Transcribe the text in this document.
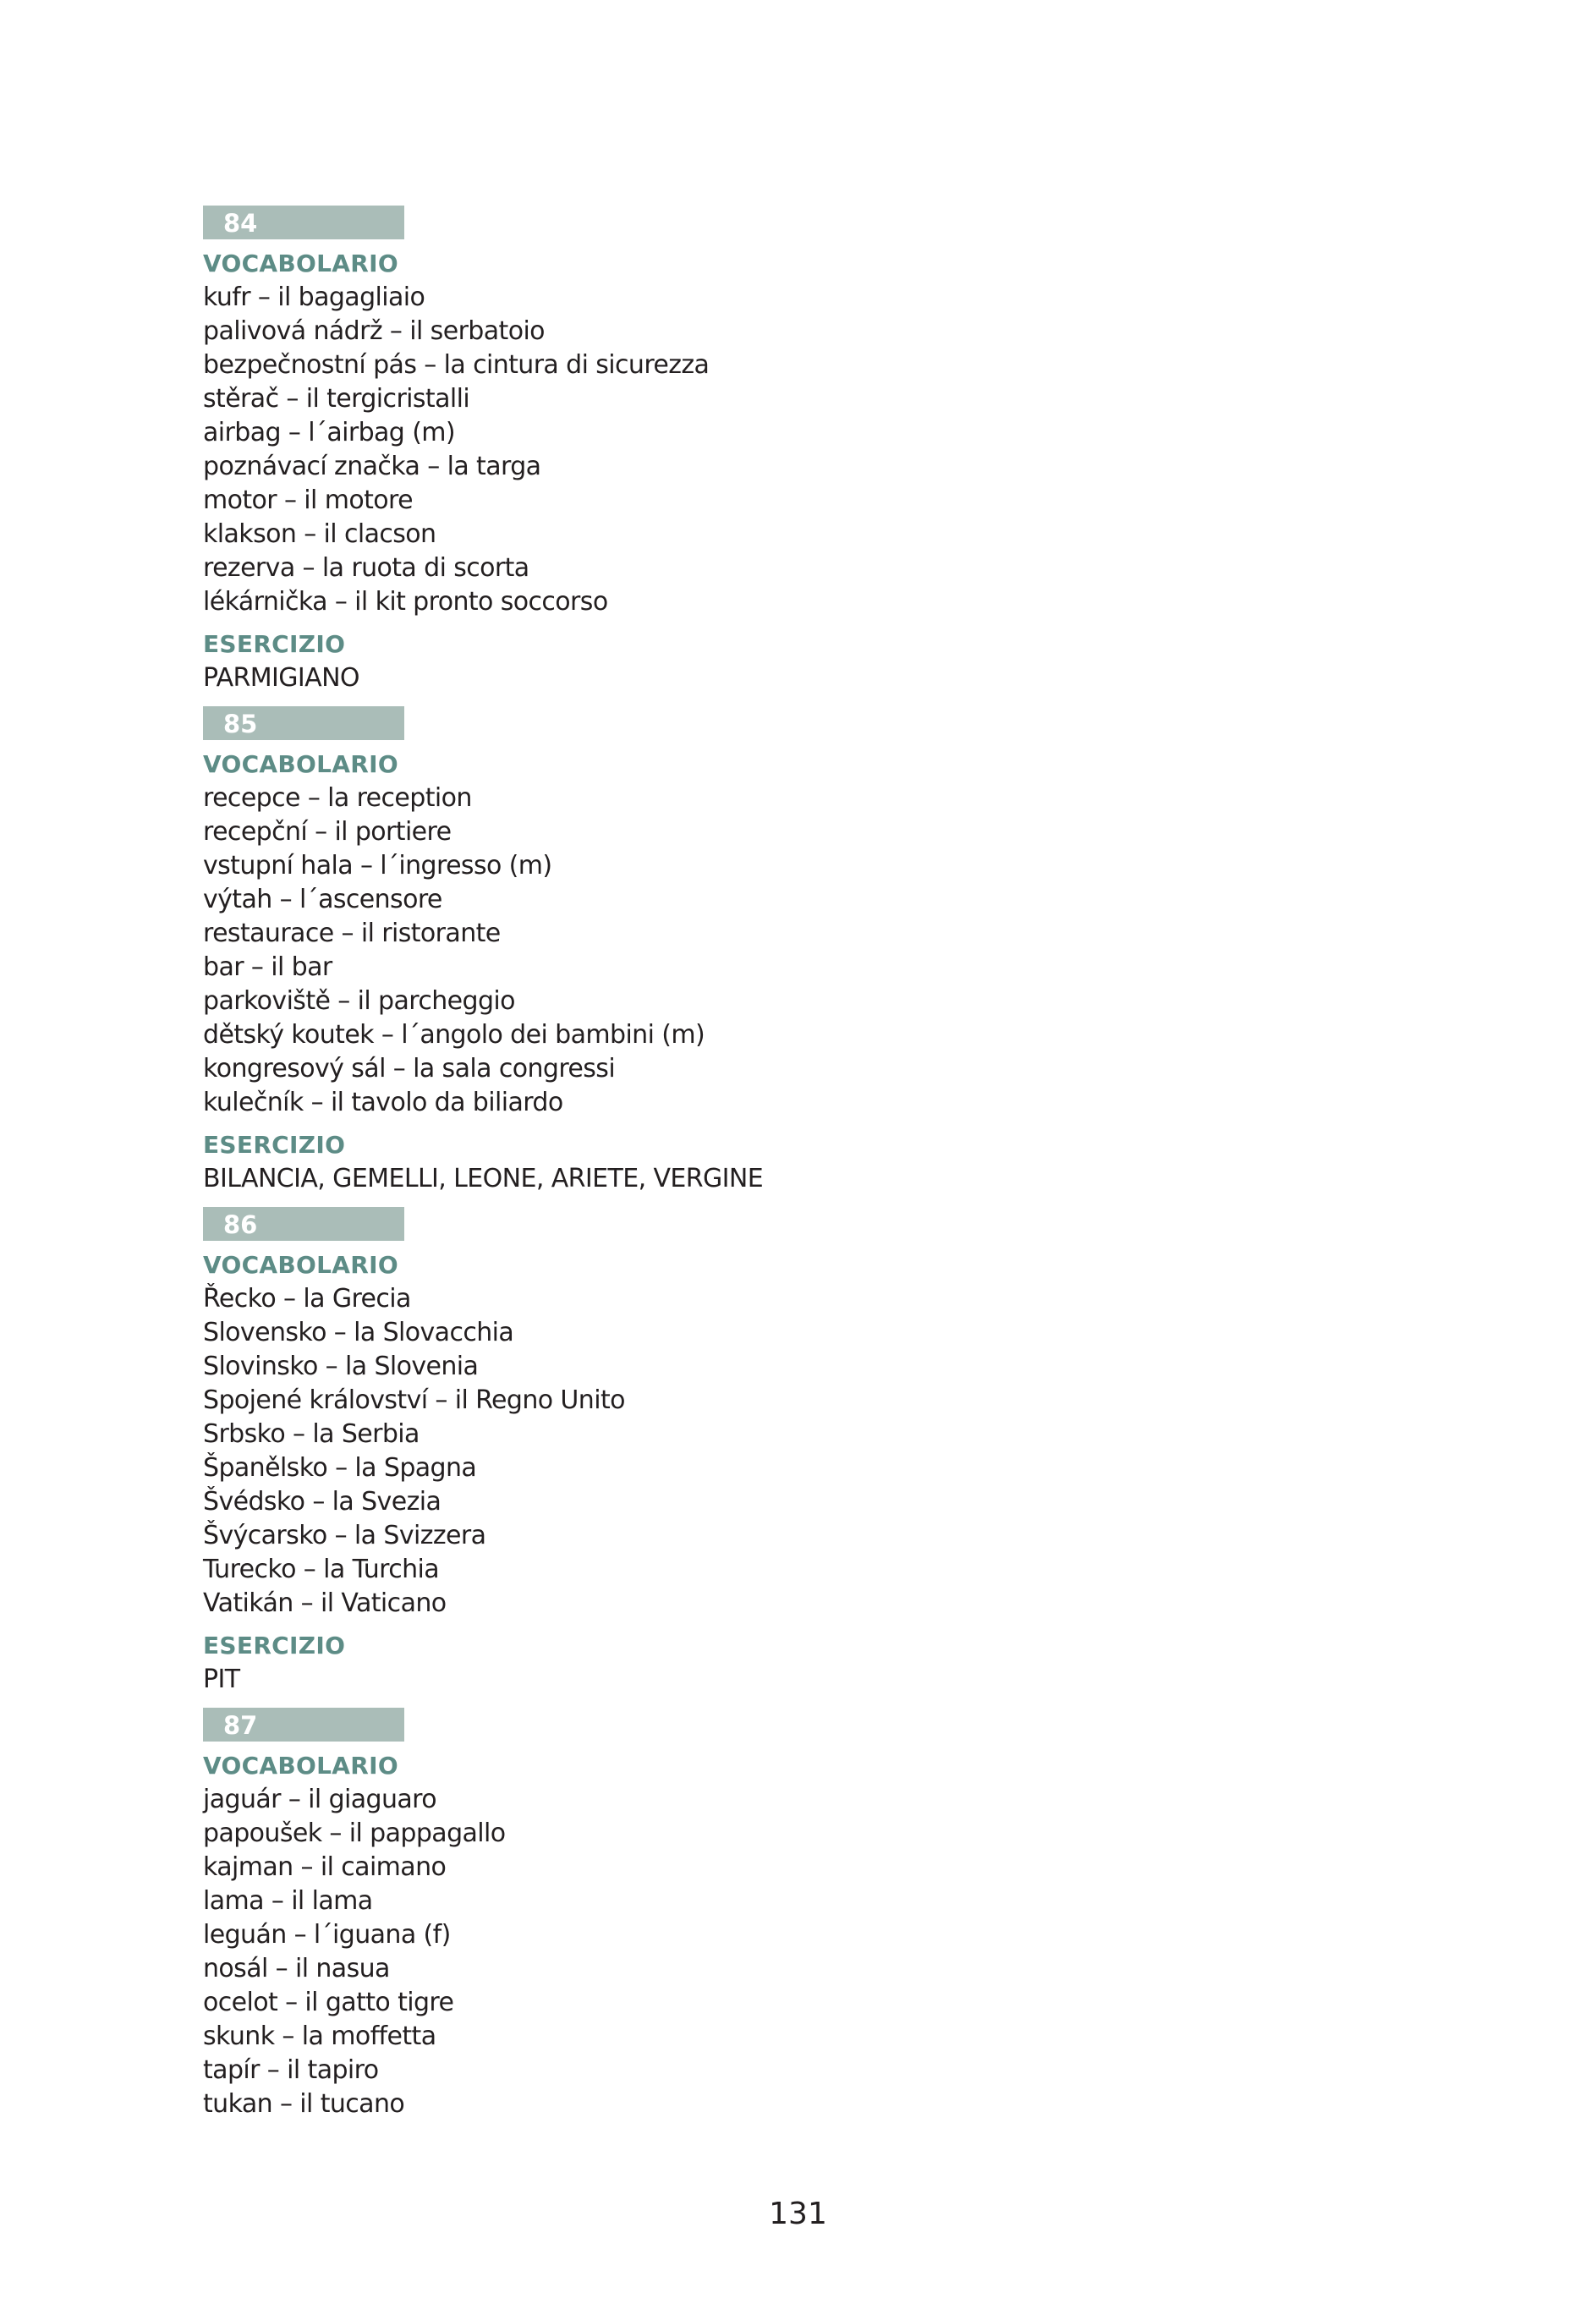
84
VOCABOLARIO
kufr – il bagagliaio
palivová nádrž – il serbatoio
bezpečnostní pás – la cintura di sicurezza
stěrač – il tergicristalli
airbag – l´airbag (m)
poznávací značka – la targa
motor – il motore
klakson – il clacson
rezerva – la ruota di scorta
lékárnička – il kit pronto soccorso
ESERCIZIO
PARMIGIANO
85
VOCABOLARIO
recepce – la reception
recepční – il portiere
vstupní hala – l´ingresso (m)
výtah – l´ascensore
restaurace – il ristorante
bar – il bar
parkoviště – il parcheggio
dětský koutek – l´angolo dei bambini (m)
kongresový sál – la sala congressi
kulečník – il tavolo da biliardo
ESERCIZIO
BILANCIA, GEMELLI, LEONE, ARIETE, VERGINE
86
VOCABOLARIO
Řecko – la Grecia
Slovensko – la Slovacchia
Slovinsko – la Slovenia
Spojené království – il Regno Unito
Srbsko – la Serbia
Španělsko – la Spagna
Švédsko – la Svezia
Švýcarsko – la Svizzera
Turecko – la Turchia
Vatikán – il Vaticano
ESERCIZIO
PIT
87
VOCABOLARIO
jaguár – il giaguaro
papoušek – il pappagallo
kajman – il caimano
lama – il lama
leguán – l´iguana (f)
nosál – il nasua
ocelot – il gatto tigre
skunk – la moffetta
tapír – il tapiro
tukan – il tucano
131
